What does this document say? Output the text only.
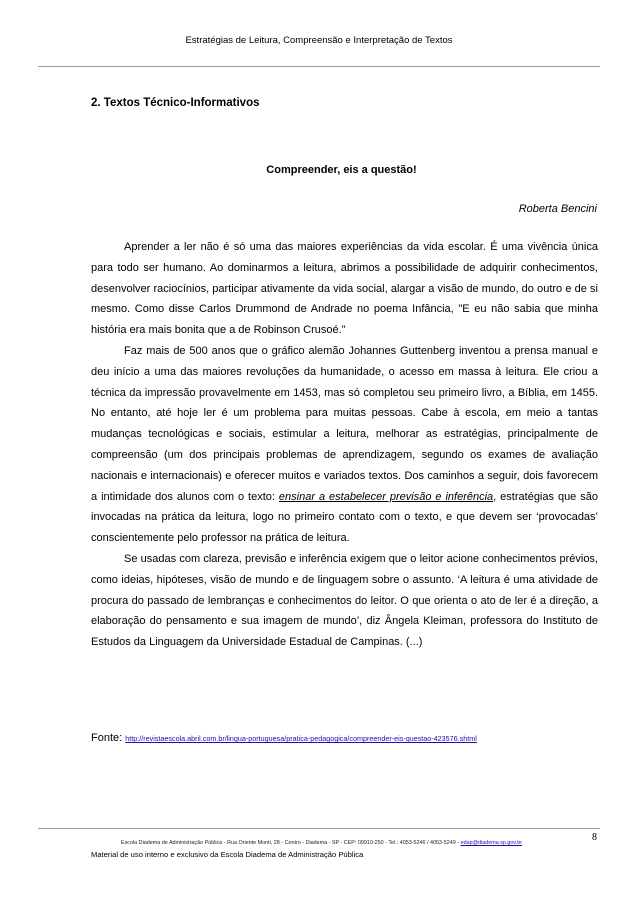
Estratégias de Leitura, Compreensão e Interpretação de Textos
2. Textos Técnico-Informativos
Compreender, eis a questão!
Roberta Bencini

Aprender a ler não é só uma das maiores experiências da vida escolar. É uma vivência única para todo ser humano. Ao dominarmos a leitura, abrimos a possibilidade de adquirir conhecimentos, desenvolver raciocínios, participar ativamente da vida social, alargar a visão de mundo, do outro e de si mesmo. Como disse Carlos Drummond de Andrade no poema Infância, "E eu não sabia que minha história era mais bonita que a de Robinson Crusoé."

Faz mais de 500 anos que o gráfico alemão Johannes Guttenberg inventou a prensa manual e deu início a uma das maiores revoluções da humanidade, o acesso em massa à leitura. Ele criou a técnica da impressão provavelmente em 1453, mas só completou seu primeiro livro, a Bíblia, em 1455. No entanto, até hoje ler é um problema para muitas pessoas. Cabe à escola, em meio a tantas mudanças tecnológicas e sociais, estimular a leitura, melhorar as estratégias, principalmente de compreensão (um dos principais problemas de aprendizagem, segundo os exames de avaliação nacionais e internacionais) e oferecer muitos e variados textos. Dos caminhos a seguir, dois favorecem a intimidade dos alunos com o texto: ensinar a estabelecer previsão e inferência, estratégias que são invocadas na prática da leitura, logo no primeiro contato com o texto, e que devem ser ‘provocadas’ conscientemente pelo professor na prática de leitura.

Se usadas com clareza, previsão e inferência exigem que o leitor acione conhecimentos prévios, como ideias, hipóteses, visão de mundo e de linguagem sobre o assunto. ‘A leitura é uma atividade de procura do passado de lembranças e conhecimentos do leitor. O que orienta o ato de ler é a direção, a elaboração do pensamento e sua imagem de mundo’, diz Ângela Kleiman, professora do Instituto de Estudos da Linguagem da Universidade Estadual de Campinas. (...)

Fonte: http://revistaescola.abril.com.br/lingua-portuguesa/pratica-pedagogica/compreender-eis-questao-423576.shtml
8
Escola Diadema de Administração Pública - Rua Oriente Monti, 28 - Centro - Diadema - SP - CEP: 09910-250 - Tel.: 4053-5246 / 4053-5249 - edap@diadema.sp.gov.br
Material de uso interno e exclusivo da Escola Diadema de Administração Pública
